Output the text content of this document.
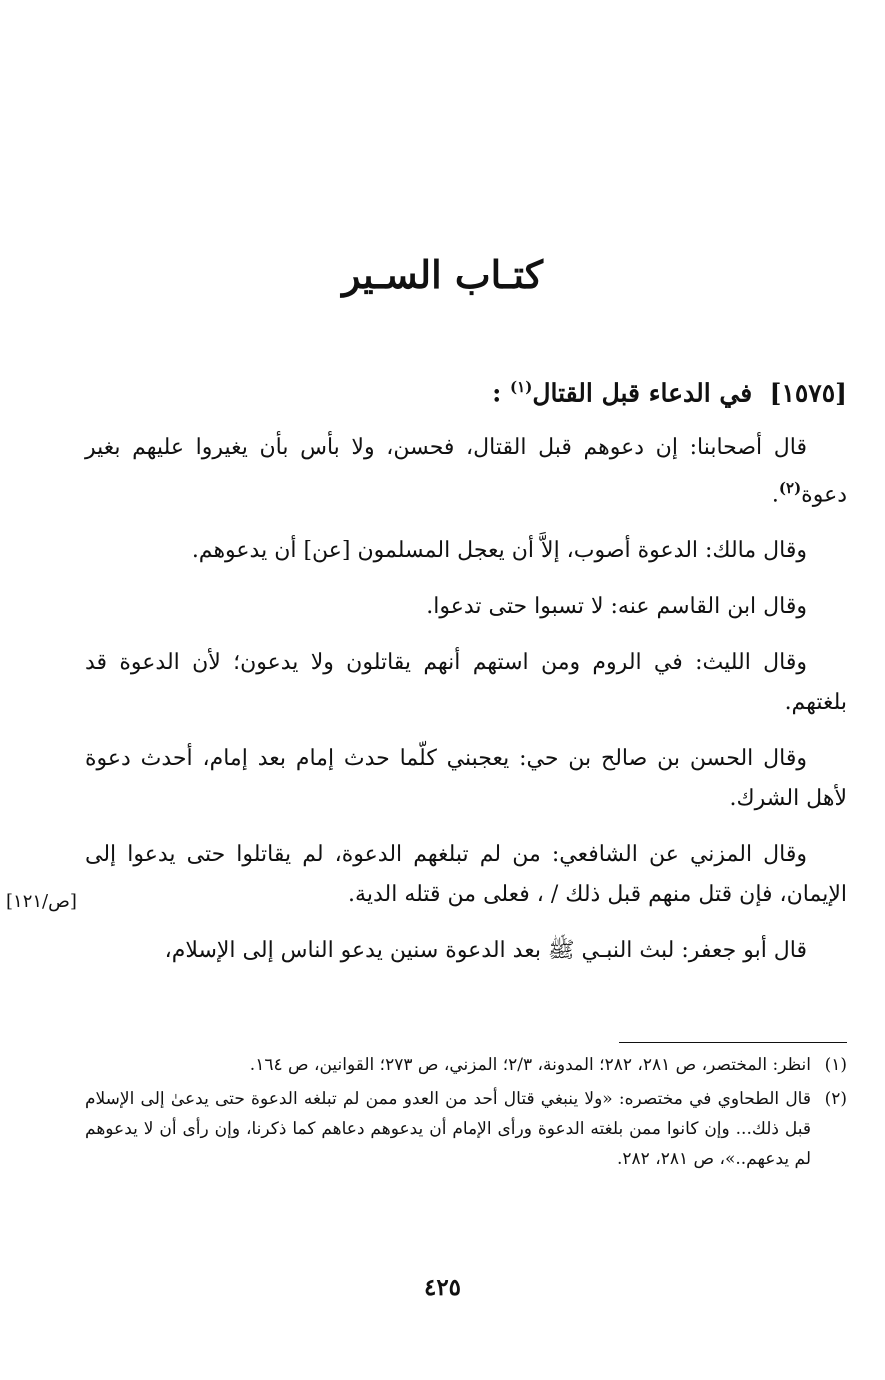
كتـاب السـير
[١٥٧٥]  في الدعاء قبل القتال$^{(١)}$ :

قال أصحابنا: إن دعوهم قبل القتال، فحسن، ولا بأس بأن يغيروا عليهم بغير دعوة$^{(٢)}$.

وقال مالك: الدعوة أصوب، إلاَّ أن يعجل المسلمون [عن] أن يدعوهم.

وقال ابن القاسم عنه: لا تسبوا حتى تدعوا.

وقال الليث: في الروم ومن استهم أنهم يقاتلون ولا يدعون؛ لأن الدعوة قد بلغتهم.

وقال الحسن بن صالح بن حي: يعجبني كلّما حدث إمام بعد إمام، أحدث دعوة لأهل الشرك.

وقال المزني عن الشافعي: من لم تبلغهم الدعوة، لم يقاتلوا حتى يدعوا إلى الإيمان، فإن قتل منهم قبل ذلك / ، فعلى من قتله الدية.

قال أبو جعفر: لبث النبـي ﷺ بعد الدعوة سنين يدعو الناس إلى الإسلام،

[ص/١٢١]
(١)
انظر: المختصر، ص ٢٨١، ٢٨٢؛ المدونة، ٢/٣؛ المزني، ص ٢٧٣؛ القوانين، ص ١٦٤.
(٢)
قال الطحاوي في مختصره: «ولا ينبغي قتال أحد من العدو ممن لم تبلغه الدعوة حتى يدعىٰ إلى الإسلام قبل ذلك... وإن كانوا ممن بلغته الدعوة ورأى الإمام أن يدعوهم دعاهم كما ذكرنا، وإن رأى أن لا يدعوهم لم يدعهم..»، ص ٢٨١، ٢٨٢.
٤٢٥
